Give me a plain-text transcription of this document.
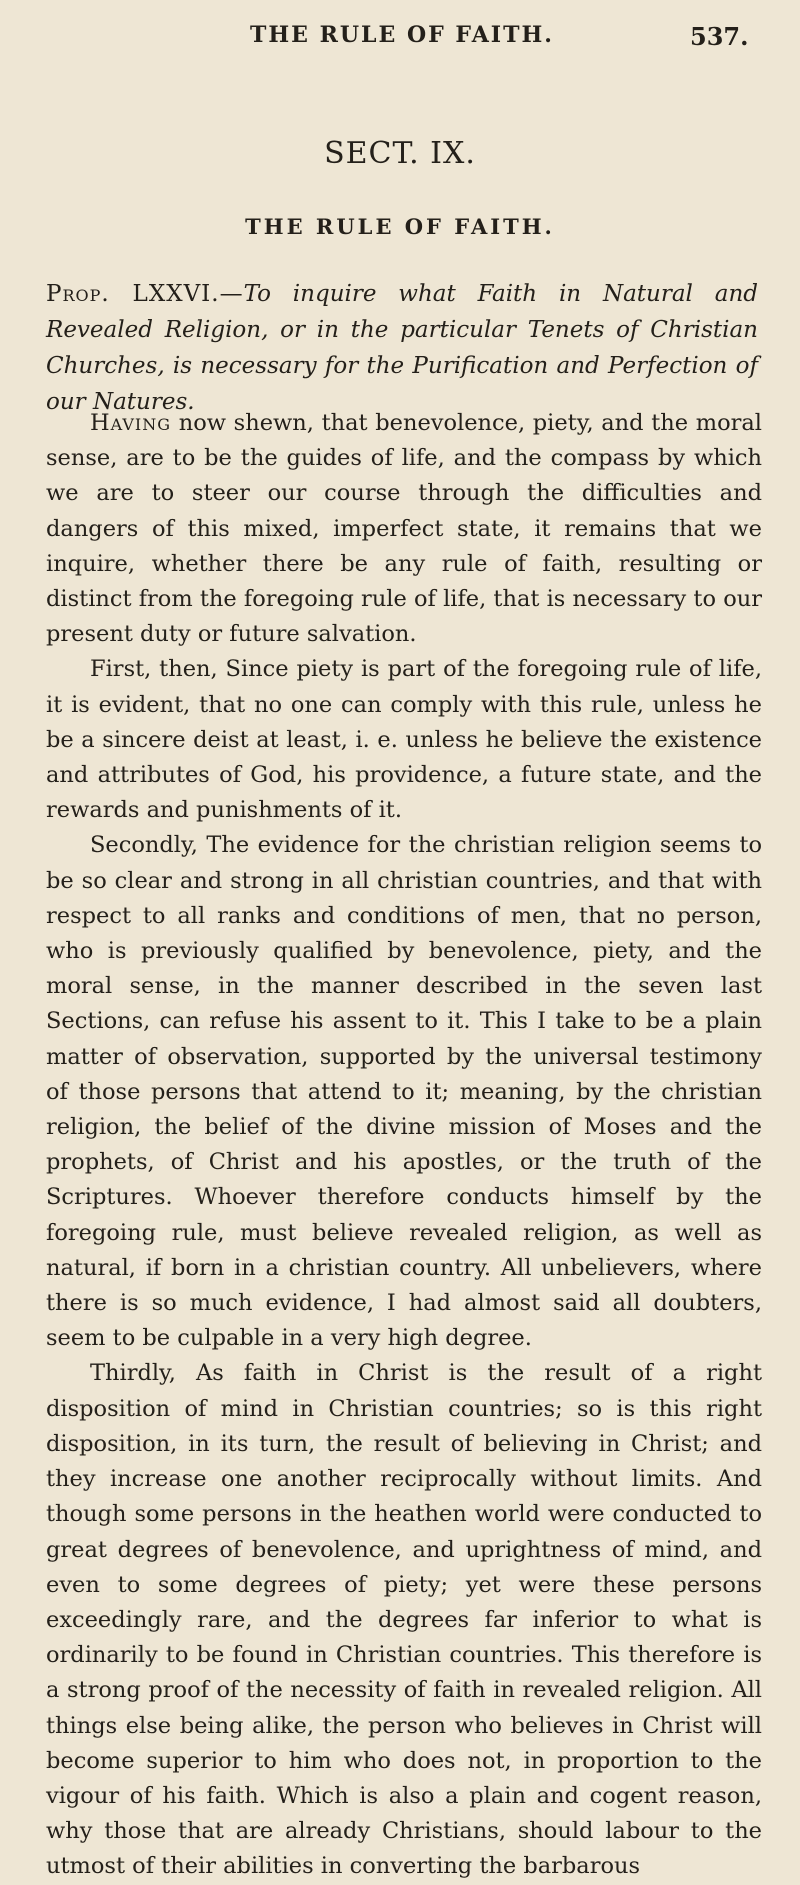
THE RULE OF FAITH.	537.
SECT. IX.
THE RULE OF FAITH.
Prop. LXXVI.—To inquire what Faith in Natural and Revealed Religion, or in the particular Tenets of Christian Churches, is necessary for the Purification and Perfection of our Natures.

Having now shewn, that benevolence, piety, and the moral sense, are to be the guides of life, and the compass by which we are to steer our course through the difficulties and dangers of this mixed, imperfect state, it remains that we inquire, whether there be any rule of faith, resulting or distinct from the foregoing rule of life, that is necessary to our present duty or future salvation.

First, then, Since piety is part of the foregoing rule of life, it is evident, that no one can comply with this rule, unless he be a sincere deist at least, i. e. unless he believe the existence and attributes of God, his providence, a future state, and the rewards and punishments of it.

Secondly, The evidence for the christian religion seems to be so clear and strong in all christian countries, and that with respect to all ranks and conditions of men, that no person, who is previously qualified by benevolence, piety, and the moral sense, in the manner described in the seven last Sections, can refuse his assent to it. This I take to be a plain matter of observation, supported by the universal testimony of those persons that attend to it; meaning, by the christian religion, the belief of the divine mission of Moses and the prophets, of Christ and his apostles, or the truth of the Scriptures. Whoever therefore conducts himself by the foregoing rule, must believe revealed religion, as well as natural, if born in a christian country. All unbelievers, where there is so much evidence, I had almost said all doubters, seem to be culpable in a very high degree.

Thirdly, As faith in Christ is the result of a right disposition of mind in Christian countries; so is this right disposition, in its turn, the result of believing in Christ; and they increase one another reciprocally without limits. And though some persons in the heathen world were conducted to great degrees of benevolence, and uprightness of mind, and even to some degrees of piety; yet were these persons exceedingly rare, and the degrees far inferior to what is ordinarily to be found in Christian countries. This therefore is a strong proof of the necessity of faith in revealed religion. All things else being alike, the person who believes in Christ will become superior to him who does not, in proportion to the vigour of his faith. Which is also a plain and cogent reason, why those that are already Christians, should labour to the utmost of their abilities in converting the barbarous
